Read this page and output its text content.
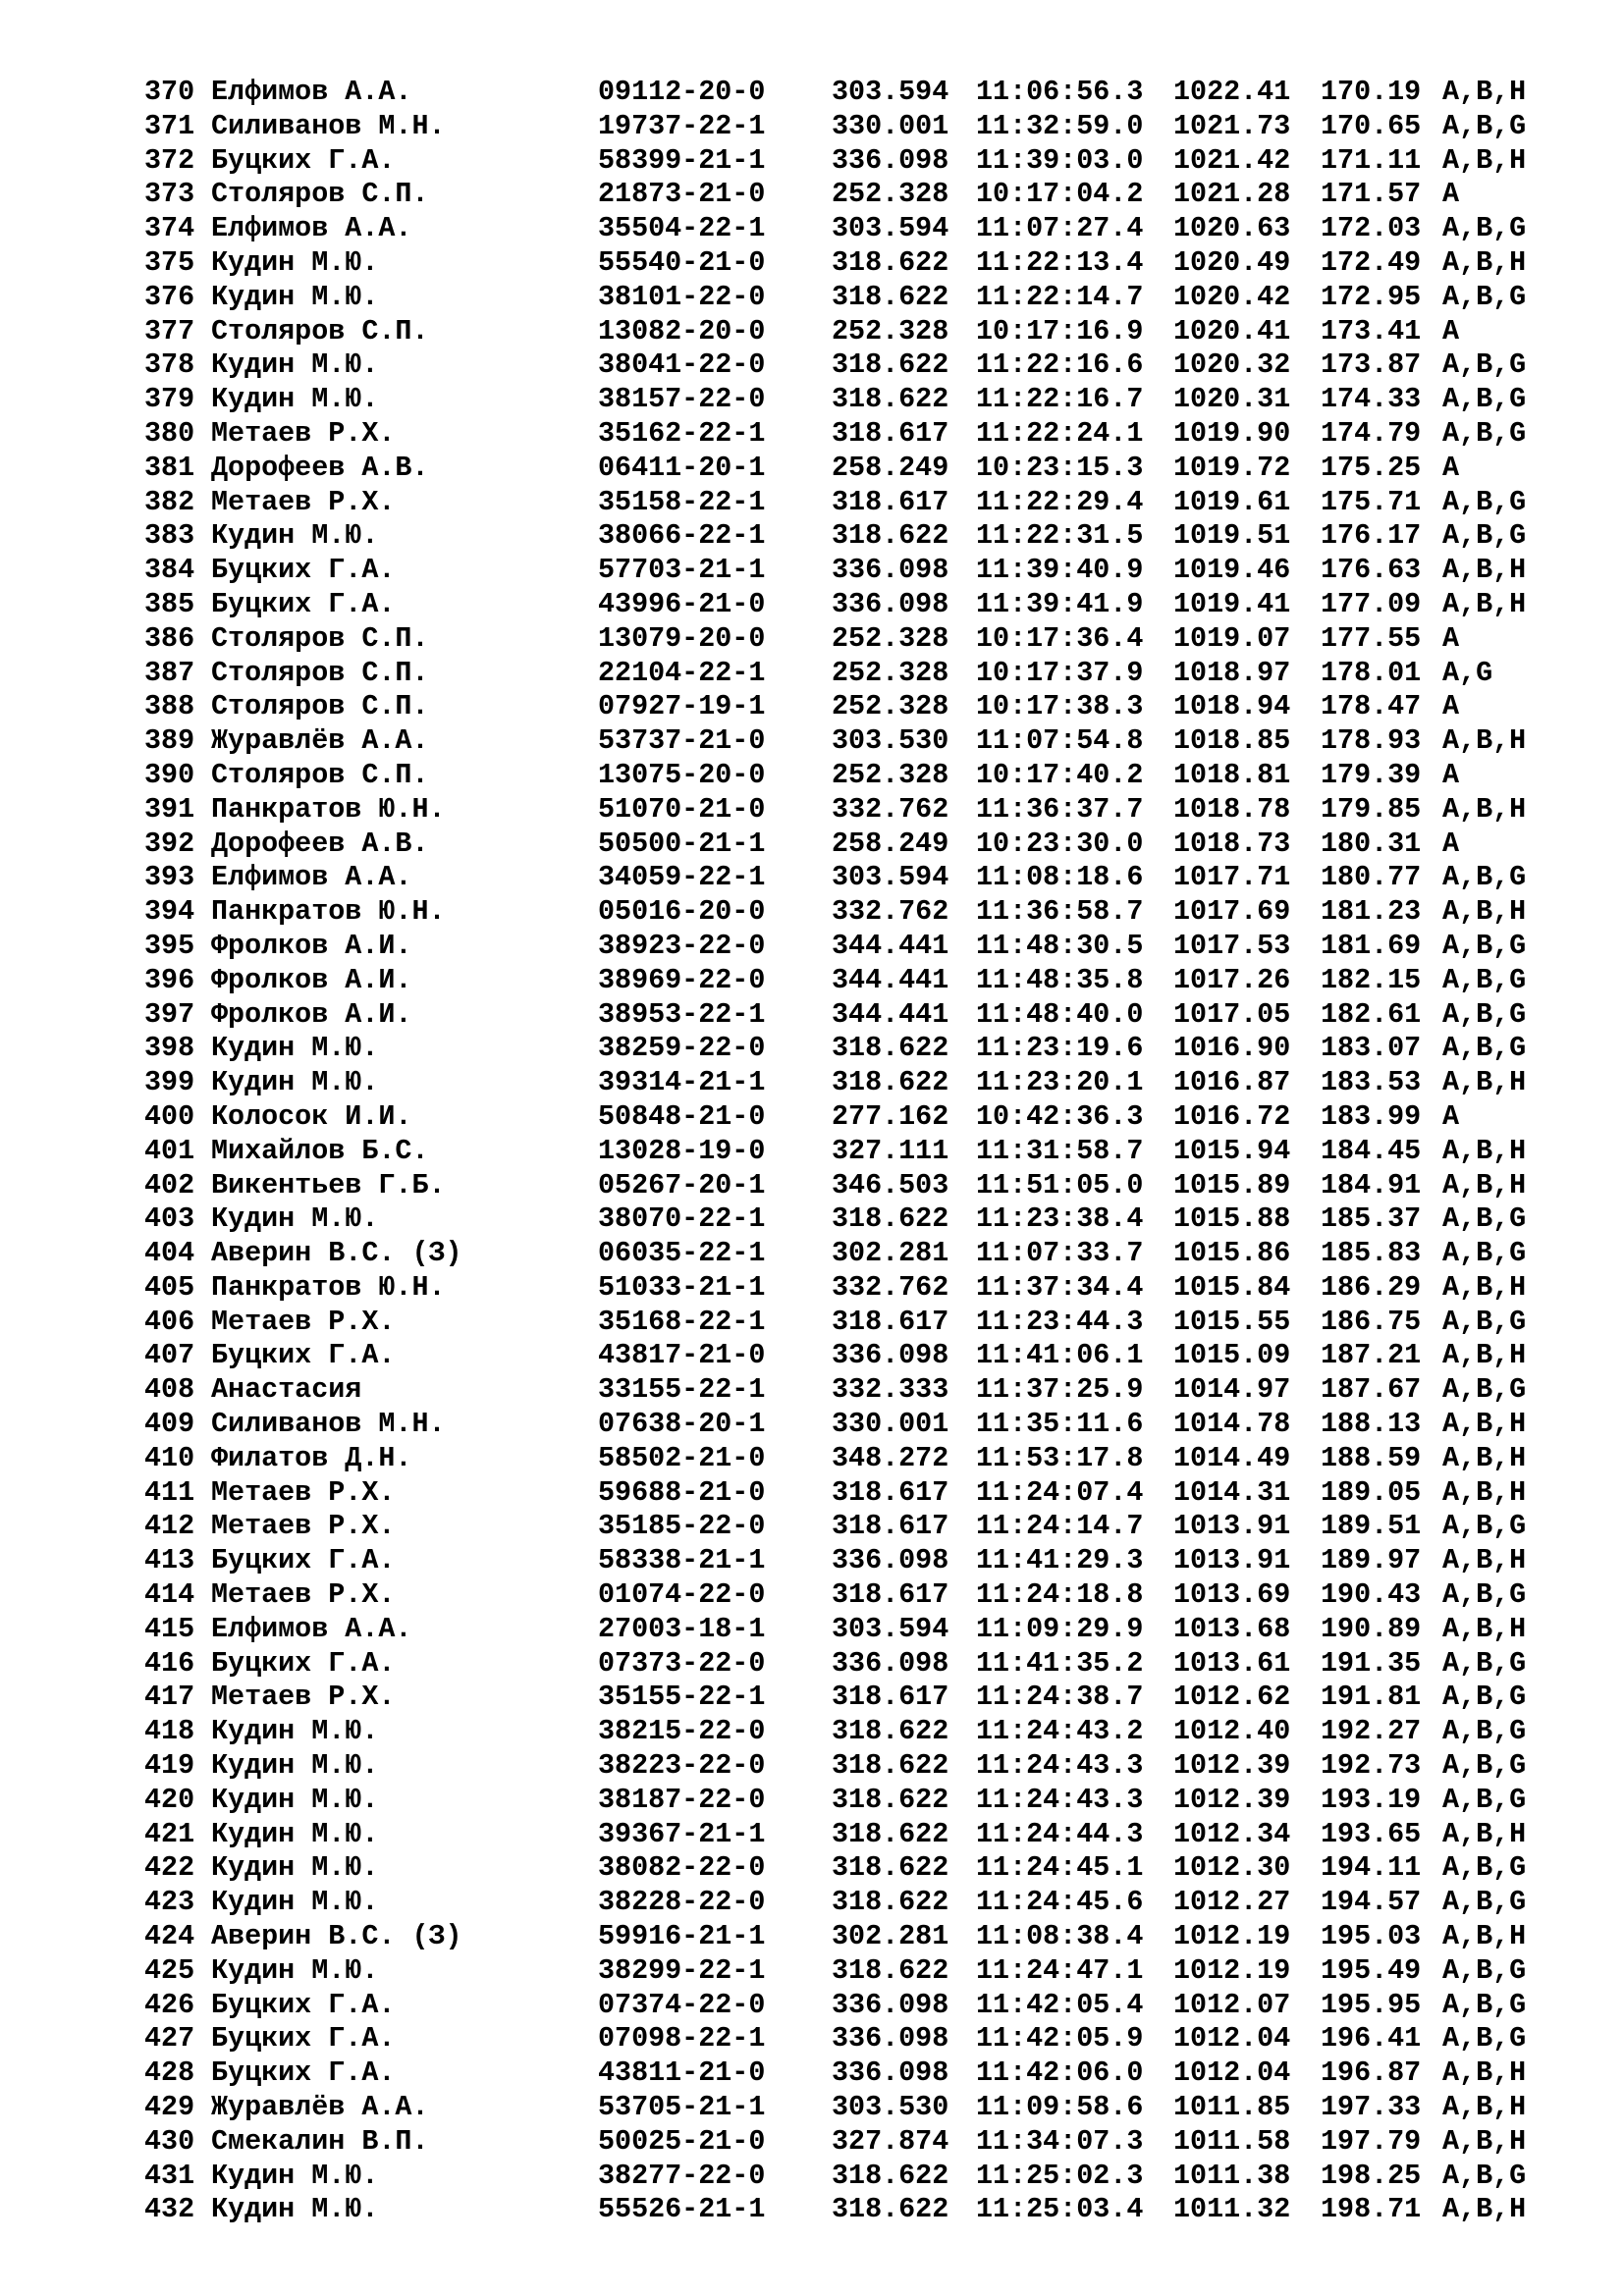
370 Елфимов А.А.	09112-20-0 303.594 11:06:56.3 1022.41 170.19 A,B,H
371 Силиванов М.Н.	19737-22-1 330.001 11:32:59.0 1021.73 170.65 A,B,G
372 Буцких Г.А.	58399-21-1 336.098 11:39:03.0 1021.42 171.11 A,B,H
373 Столяров С.П.	21873-21-0 252.328 10:17:04.2 1021.28 171.57 A
374 Елфимов А.А.	35504-22-1 303.594 11:07:27.4 1020.63 172.03 A,B,G
375 Кудин М.Ю.	55540-21-0 318.622 11:22:13.4 1020.49 172.49 A,B,H
376 Кудин М.Ю.	38101-22-0 318.622 11:22:14.7 1020.42 172.95 A,B,G
377 Столяров С.П.	13082-20-0 252.328 10:17:16.9 1020.41 173.41 A
378 Кудин М.Ю.	38041-22-0 318.622 11:22:16.6 1020.32 173.87 A,B,G
379 Кудин М.Ю.	38157-22-0 318.622 11:22:16.7 1020.31 174.33 A,B,G
380 Метаев Р.Х.	35162-22-1 318.617 11:22:24.1 1019.90 174.79 A,B,G
381 Дорофеев А.В.	06411-20-1 258.249 10:23:15.3 1019.72 175.25 A
382 Метаев Р.Х.	35158-22-1 318.617 11:22:29.4 1019.61 175.71 A,B,G
383 Кудин М.Ю.	38066-22-1 318.622 11:22:31.5 1019.51 176.17 A,B,G
384 Буцких Г.А.	57703-21-1 336.098 11:39:40.9 1019.46 176.63 A,B,H
385 Буцких Г.А.	43996-21-0 336.098 11:39:41.9 1019.41 177.09 A,B,H
386 Столяров С.П.	13079-20-0 252.328 10:17:36.4 1019.07 177.55 A
387 Столяров С.П.	22104-22-1 252.328 10:17:37.9 1018.97 178.01 A,G
388 Столяров С.П.	07927-19-1 252.328 10:17:38.3 1018.94 178.47 A
389 Журавлёв А.А.	53737-21-0 303.530 11:07:54.8 1018.85 178.93 A,B,H
390 Столяров С.П.	13075-20-0 252.328 10:17:40.2 1018.81 179.39 A
391 Панкратов Ю.Н.	51070-21-0 332.762 11:36:37.7 1018.78 179.85 A,B,H
392 Дорофеев А.В.	50500-21-1 258.249 10:23:30.0 1018.73 180.31 A
393 Елфимов А.А.	34059-22-1 303.594 11:08:18.6 1017.71 180.77 A,B,G
394 Панкратов Ю.Н.	05016-20-0 332.762 11:36:58.7 1017.69 181.23 A,B,H
395 Фролков А.И.	38923-22-0 344.441 11:48:30.5 1017.53 181.69 A,B,G
396 Фролков А.И.	38969-22-0 344.441 11:48:35.8 1017.26 182.15 A,B,G
397 Фролков А.И.	38953-22-1 344.441 11:48:40.0 1017.05 182.61 A,B,G
398 Кудин М.Ю.	38259-22-0 318.622 11:23:19.6 1016.90 183.07 A,B,G
399 Кудин М.Ю.	39314-21-1 318.622 11:23:20.1 1016.87 183.53 A,B,H
400 Колосок И.И.	50848-21-0 277.162 10:42:36.3 1016.72 183.99 A
401 Михайлов Б.С.	13028-19-0 327.111 11:31:58.7 1015.94 184.45 A,B,H
402 Викентьев Г.Б.	05267-20-1 346.503 11:51:05.0 1015.89 184.91 A,B,H
403 Кудин М.Ю.	38070-22-1 318.622 11:23:38.4 1015.88 185.37 A,B,G
404 Аверин В.С. (З)	06035-22-1 302.281 11:07:33.7 1015.86 185.83 A,B,G
405 Панкратов Ю.Н.	51033-21-1 332.762 11:37:34.4 1015.84 186.29 A,B,H
406 Метаев Р.Х.	35168-22-1 318.617 11:23:44.3 1015.55 186.75 A,B,G
407 Буцких Г.А.	43817-21-0 336.098 11:41:06.1 1015.09 187.21 A,B,H
408 Анастасия	33155-22-1 332.333 11:37:25.9 1014.97 187.67 A,B,G
409 Силиванов М.Н.	07638-20-1 330.001 11:35:11.6 1014.78 188.13 A,B,H
410 Филатов Д.Н.	58502-21-0 348.272 11:53:17.8 1014.49 188.59 A,B,H
411 Метаев Р.Х.	59688-21-0 318.617 11:24:07.4 1014.31 189.05 A,B,H
412 Метаев Р.Х.	35185-22-0 318.617 11:24:14.7 1013.91 189.51 A,B,G
413 Буцких Г.А.	58338-21-1 336.098 11:41:29.3 1013.91 189.97 A,B,H
414 Метаев Р.Х.	01074-22-0 318.617 11:24:18.8 1013.69 190.43 A,B,G
415 Елфимов А.А.	27003-18-1 303.594 11:09:29.9 1013.68 190.89 A,B,H
416 Буцких Г.А.	07373-22-0 336.098 11:41:35.2 1013.61 191.35 A,B,G
417 Метаев Р.Х.	35155-22-1 318.617 11:24:38.7 1012.62 191.81 A,B,G
418 Кудин М.Ю.	38215-22-0 318.622 11:24:43.2 1012.40 192.27 A,B,G
419 Кудин М.Ю.	38223-22-0 318.622 11:24:43.3 1012.39 192.73 A,B,G
420 Кудин М.Ю.	38187-22-0 318.622 11:24:43.3 1012.39 193.19 A,B,G
421 Кудин М.Ю.	39367-21-1 318.622 11:24:44.3 1012.34 193.65 A,B,H
422 Кудин М.Ю.	38082-22-0 318.622 11:24:45.1 1012.30 194.11 A,B,G
423 Кудин М.Ю.	38228-22-0 318.622 11:24:45.6 1012.27 194.57 A,B,G
424 Аверин В.С. (З)	59916-21-1 302.281 11:08:38.4 1012.19 195.03 A,B,H
425 Кудин М.Ю.	38299-22-1 318.622 11:24:47.1 1012.19 195.49 A,B,G
426 Буцких Г.А.	07374-22-0 336.098 11:42:05.4 1012.07 195.95 A,B,G
427 Буцких Г.А.	07098-22-1 336.098 11:42:05.9 1012.04 196.41 A,B,G
428 Буцких Г.А.	43811-21-0 336.098 11:42:06.0 1012.04 196.87 A,B,H
429 Журавлёв А.А.	53705-21-1 303.530 11:09:58.6 1011.85 197.33 A,B,H
430 Смекалин В.П.	50025-21-0 327.874 11:34:07.3 1011.58 197.79 A,B,H
431 Кудин М.Ю.	38277-22-0 318.622 11:25:02.3 1011.38 198.25 A,B,G
432 Кудин М.Ю.	55526-21-1 318.622 11:25:03.4 1011.32 198.71 A,B,H
